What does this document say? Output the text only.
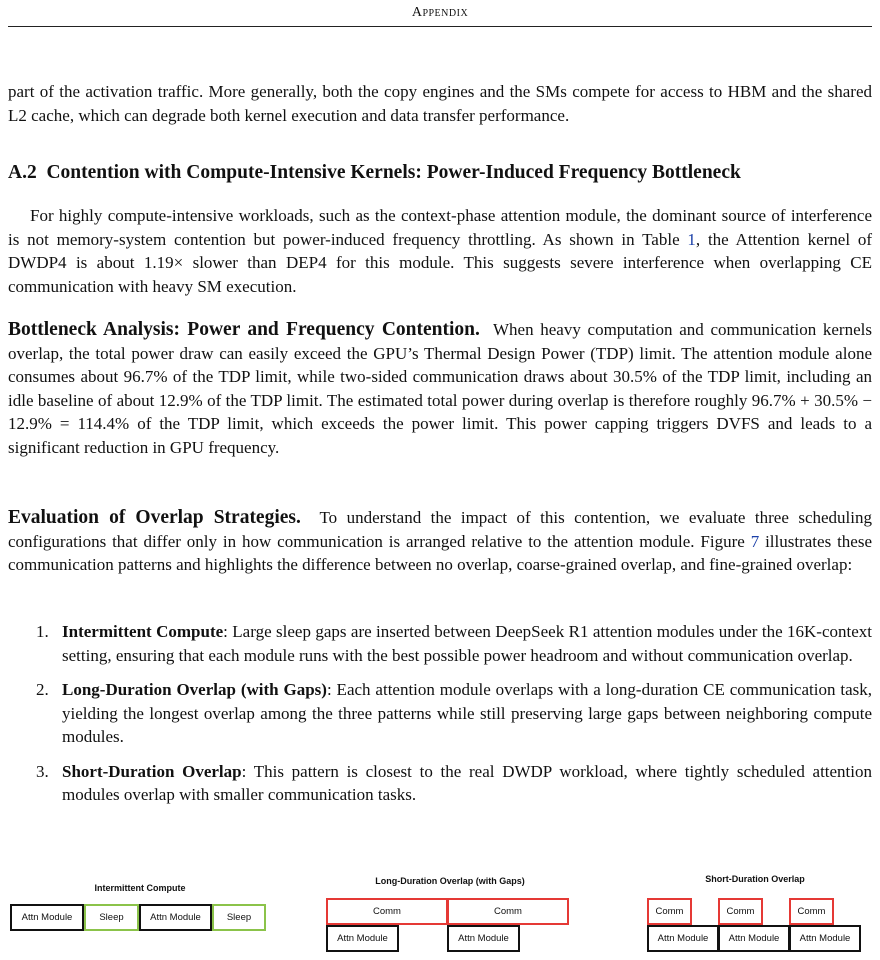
Appendix

part of the activation traffic. More generally, both the copy engines and the SMs compete for access to HBM and the shared L2 cache, which can degrade both kernel execution and data transfer performance.

A.2 Contention with Compute-Intensive Kernels: Power-Induced Frequency Bottleneck

For highly compute-intensive workloads, such as the context-phase attention module, the dominant source of interference is not memory-system contention but power-induced frequency throttling. As shown in Table 1, the Attention kernel of DWDP4 is about 1.19× slower than DEP4 for this module. This suggests severe interference when overlapping CE communication with heavy SM execution.

Bottleneck Analysis: Power and Frequency Contention. When heavy computation and communication kernels overlap, the total power draw can easily exceed the GPU’s Thermal Design Power (TDP) limit. The attention module alone consumes about 96.7% of the TDP limit, while two-sided communication draws about 30.5% of the TDP limit, including an idle baseline of about 12.9% of the TDP limit. The estimated total power during overlap is therefore roughly 96.7% + 30.5% − 12.9% = 114.4% of the TDP limit, which exceeds the power limit. This power capping triggers DVFS and leads to a significant reduction in GPU frequency.

Evaluation of Overlap Strategies. To understand the impact of this contention, we evaluate three scheduling configurations that differ only in how communication is arranged relative to the attention module. Figure 7 illustrates these communication patterns and highlights the difference between no overlap, coarse-grained overlap, and fine-grained overlap:

1. Intermittent Compute: Large sleep gaps are inserted between DeepSeek R1 attention modules under the 16K-context setting, ensuring that each module runs with the best possible power headroom and without communication overlap.
2. Long-Duration Overlap (with Gaps): Each attention module overlaps with a long-duration CE communication task, yielding the longest overlap among the three patterns while still preserving large gaps between neighboring compute modules.
3. Short-Duration Overlap: This pattern is closest to the real DWDP workload, where tightly scheduled attention modules overlap with smaller communication tasks.
Intermittent Compute
Attn Module	Sleep	Attn Module	Sleep
Long-Duration Overlap (with Gaps)
Comm	Comm
Attn Module	Attn Module
Short-Duration Overlap
Comm	Comm	Comm
Attn Module	Attn Module	Attn Module
